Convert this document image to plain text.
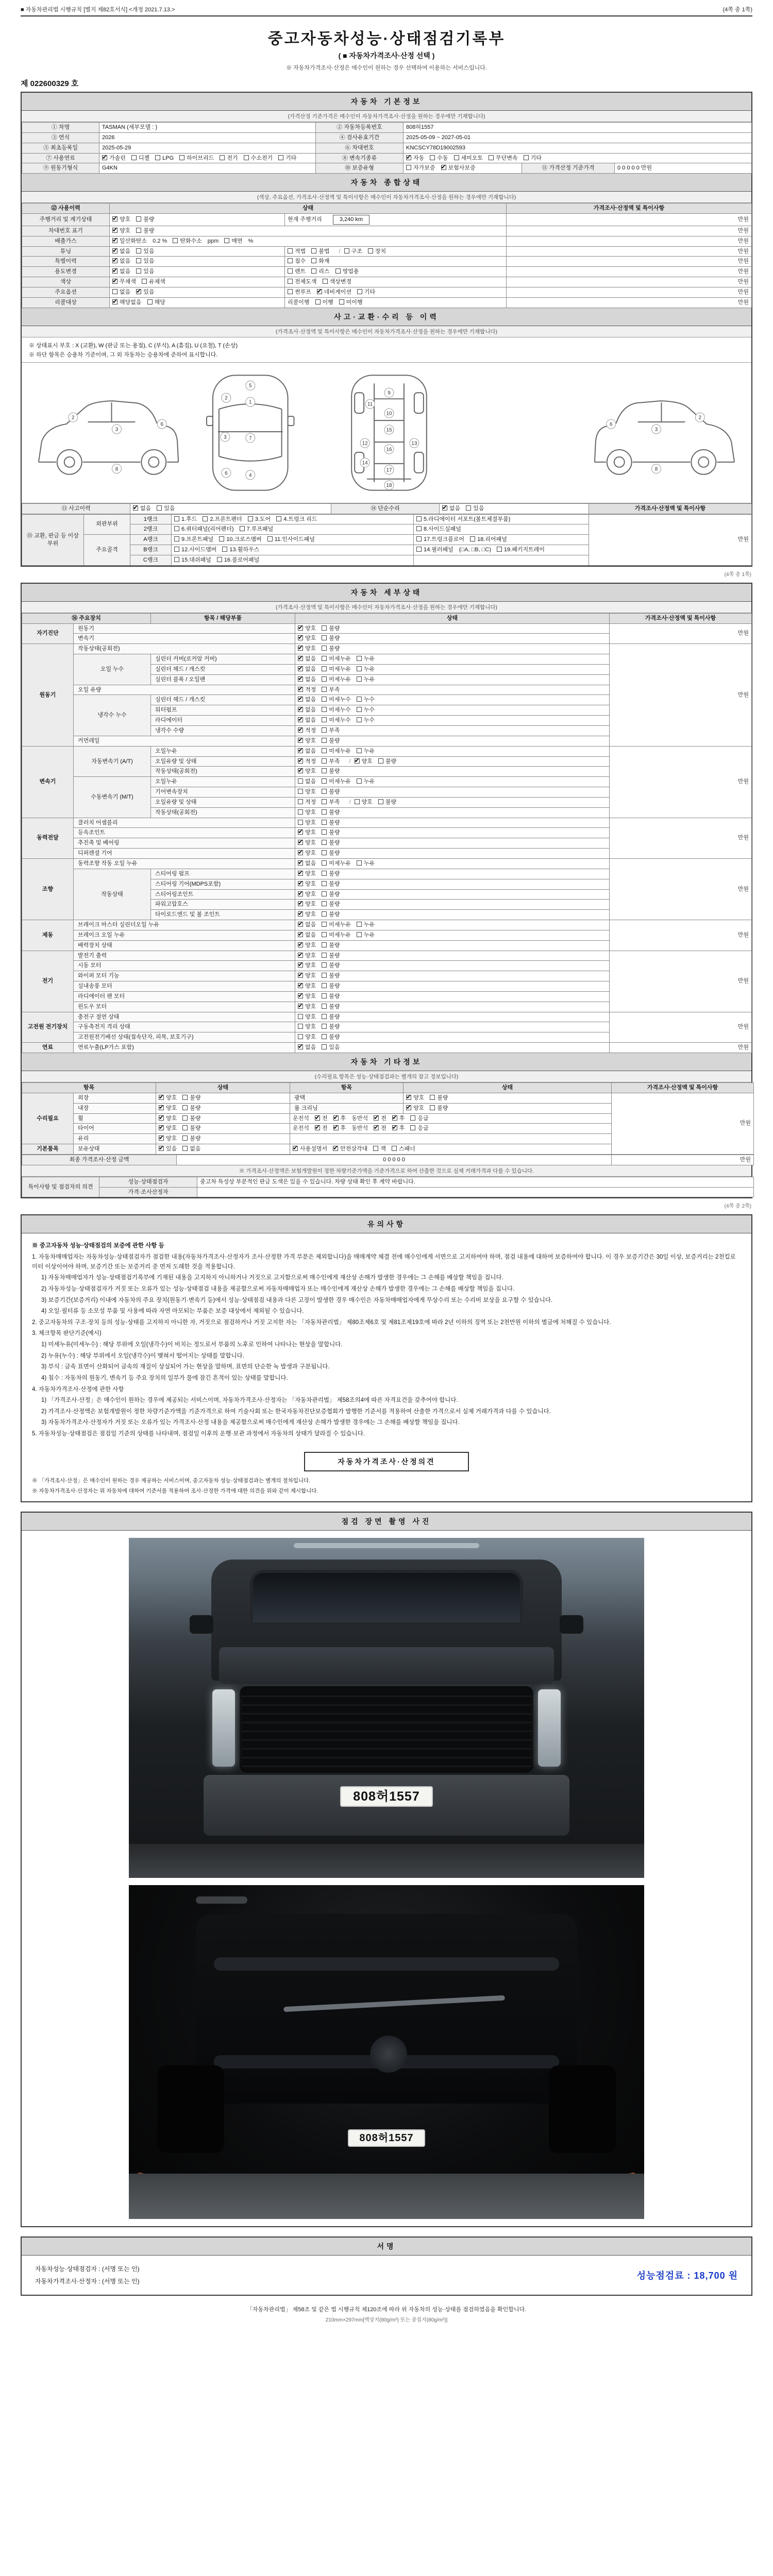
■ 자동차관리법 시행규칙 [별지 제82호서식] <개정 2021.7.13.>	(4쪽 중 1쪽)
중고자동차성능·상태점검기록부
( ■ 자동차가격조사·산정 선택 )
※ 자동차가격조사·산정은 매수인이 원하는 경우 선택하여 이용하는 서비스입니다.
제 022600329 호
자동차 기본정보
(가격산정 기준가격은 매수인이 자동차가격조사·산정을 원하는 경우에만 기재합니다)
① 차명	TASMAN (세부모델 : )	② 자동차등록번호	808허1557		
③ 연식	2026	④ 검사유효기간	2025-05-09 ~ 2027-05-01		
⑤ 최초등록일	2025-05-29	⑥ 차대번호	KNCSCY78D19002593		
⑦ 사용연료	✔가솔린 디젤 LPG 하이브리드 전기 수소전기 기타	⑧ 변속기종류	✔자동 수동 세미오토 무단변속 기타
⑨ 원동기형식	G4KN	⑩ 보증유형	자가보증 ✔ 보험사보증	⑪ 가격산정 기준가격	0 0 0 0 0 만원
자동차 종합상태
(색상, 주요옵션, 가격조사·산정액 및 특이사항은 매수인이 자동차가격조사·산정을 원하는 경우에만 기재합니다)
⑫ 사용이력	상태		가격조사·산정액 및 특이사항
주행거리 및 계기상태	✔양호 불량	현재 주행거리 3,240 km	만원
차대번호 표기	✔양호 불량		만원
배출가스	✔일산화탄소 0.2 % 탄화수소 ppm 매연 %		만원
튜닝	✔없음 있음	적법 불법 / 구조 장치	만원
특별이력	✔없음 있음	침수 화재	만원
용도변경	✔없음 있음	렌트 리스 영업용	만원
색상	✔무채색 유채색	전체도색 색상변경	만원
주요옵션	없음 ✔ 있음	썬루프 ✔ 네비게이션 기타	만원
리콜대상	✔해당없음 해당	리콜이행 이행 미이행	만원
사고·교환·수리 등 이력
(가격조사·산정액 및 특이사항은 매수인이 자동차가격조사·산정을 원하는 경우에만 기재합니다)
※ 상태표시 부호 : X (교환), W (판금 또는 용접), C (부식), A (흠집), U (요철), T (손상)
※ 하단 항목은 승용차 기준이며, 그 외 자동차는 승용차에 준하여 표시합니다.
2
3
6
8
5
1
7
4
2
3
6
9
11
10
15
12	13
16
14
17
18
2
3
6
8
⑬ 사고이력	✔없음 있음	⑭ 단순수리	✔없음 있음	가격조사·산정액 및 특이사항
⑮ 교환, 판금 등 이상 부위	외판부위	1랭크	1.후드 2.프론트펜더 3.도어 4.트렁크 리드	5.라디에이터 서포트(볼트체결부품)	만원
		2랭크	6.쿼터패널(리어펜더) 7.루프패널	8.사이드실패널	
	주요골격	A랭크	9.프론트패널 10.크로스멤버 11.인사이드패널	17.트렁크플로어 18.리어패널	
		B랭크	12.사이드멤버 13.휠하우스	14.필러패널 (□A, □B, □C) 19.패키지트레이	
		C랭크	15.대쉬패널 16.플로어패널		
(4쪽 중 1쪽)
자동차 세부상태
(가격조사·산정액 및 특이사항은 매수인이 자동차가격조사·산정을 원하는 경우에만 기재합니다)
⑯ 주요장치		항목 / 해당부품	상태	가격조사·산정액 및 특이사항
자기진단	원동기	✔양호 불량	만원
	변속기	✔양호 불량
원동기	작동상태(공회전)	✔양호 불량	만원
	오일 누수	실린더 커버(로커암 커버)	✔없음 미세누유 누유
		실린더 헤드 / 개스킷	✔없음 미세누유 누유
		실린더 블록 / 오일팬	✔없음 미세누유 누유
	오일 유량	✔적정 부족
	냉각수 누수	실린더 헤드 / 개스킷	✔없음 미세누수 누수
		워터펌프	✔없음 미세누수 누수
		라디에이터	✔없음 미세누수 누수
		냉각수 수량	✔적정 부족
	커먼레일	✔양호 불량
변속기	자동변속기 (A/T)	오일누유	✔없음 미세누유 누유	만원
		오일유량 및 상태	✔적정 부족 / ✔ 양호 불량
		작동상태(공회전)	✔양호 불량
	수동변속기 (M/T)	오일누유	없음 미세누유 누유	
		기어변속장치	양호 불량	
		오일유량 및 상태	적정 부족 / 양호 불량	
		작동상태(공회전)	양호 불량	
동력전달	클러치 어셈블리		양호 불량	만원
	등속조인트	✔양호 불량
	추진축 및 베어링	✔양호 불량
	디퍼렌셜 기어	✔양호 불량
조향	동력조향 작동 오일 누유	✔없음 미세누유 누유	만원
	작동상태	스티어링 펌프	✔양호 불량
		스티어링 기어(MDPS포함)	✔양호 불량
		스티어링조인트	✔양호 불량
		파워고압호스	✔양호 불량
		타이로드엔드 및 볼 조인트	✔양호 불량
제동	브레이크 마스터 실린더오일 누유	✔없음 미세누유 누유	만원
	브레이크 오일 누유	✔없음 미세누유 누유
	배력장치 상태	✔양호 불량
전기	발전기 출력	✔양호 불량	만원
	시동 모터	✔양호 불량
	와이퍼 모터 기능	✔양호 불량
	실내송풍 모터	✔양호 불량
	라디에이터 팬 모터	✔양호 불량
	윈도우 모터	✔양호 불량
고전원 전기장치	충전구 절연 상태		양호 불량	만원
	구동축전지 격리 상태		양호 불량	
	고전원전기배선 상태(접속단자, 피복, 보호기구)		양호 불량	
연료	연료누출(LP가스 포함)	✔없음 있음	만원
자동차 기타정보
(수리필요 항목은 성능·상태점검과는 별개의 참고 정보입니다)
항목		상태	항목	상태	가격조사·산정액 및 특이사항
수리필요	외장	✔양호 불량	광택	✔양호 불량	만원
	내장	✔양호 불량	룸 크리닝	✔양호 불량
	휠	✔양호 불량	운전석 ✔ 전 ✔ 후 동반석 ✔ 전 ✔ 후 응급
	타이어	✔양호 불량	운전석 ✔ 전 ✔ 후 동반석 ✔ 전 ✔ 후 응급
	유리	✔양호 불량	
기본품목	보유상태	✔있음 없음	✔사용설명서 ✔ 안전삼각대 잭 스패너
최종 가격조사·산정 금액	0 0 0 0 0	만원
※ 가격조사·산정액은 보험개발원이 정한 차량기준가액을 기준가격으로 하여 산출한 것으로 실제 거래가격과 다를 수 있습니다.
특이사항 및 점검자의 의견	성능·상태점검자	중고차 특성상 부분적인 판금 도색은 있을 수 있습니다. 차량 상태 확인 후 계약 바랍니다.
	가격·조사산정자	
(4쪽 중 2쪽)
유의사항
※ 중고자동차 성능·상태점검의 보증에 관한 사항 등
1. 자동차매매업자는 자동차성능·상태점검자가 점검한 내용(자동차가격조사·산정자가 조사·산정한 가격 부분은 제외합니다)을 매매계약 체결 전에 매수인에게 서면으로 고지하여야 하며, 점검 내용에 대하여 보증하여야 합니다. 이 경우 보증기간은 30일 이상, 보증거리는 2천킬로미터 이상이어야 하며, 보증기간 또는 보증거리 중 먼저 도래한 것을 적용합니다.
1) 자동차매매업자가 성능·상태점검기록부에 기재된 내용을 고지하지 아니하거나 거짓으로 고지함으로써 매수인에게 재산상 손해가 발생한 경우에는 그 손해를 배상할 책임을 집니다.
2) 자동차성능·상태점검자가 거짓 또는 오류가 있는 성능·상태점검 내용을 제공함으로써 자동차매매업자 또는 매수인에게 재산상 손해가 발생한 경우에는 그 손해를 배상할 책임을 집니다.
3) 보증기간(보증거리) 이내에 자동차의 주요 장치(원동기·변속기 등)에서 성능·상태점검 내용과 다른 고장이 발생한 경우 매수인은 자동차매매업자에게 무상수리 또는 수리비 보상을 요구할 수 있습니다.
4) 오일·필터류 등 소모성 부품 및 사용에 따라 자연 마모되는 부품은 보증 대상에서 제외될 수 있습니다.
2. 중고자동차의 구조·장치 등의 성능·상태를 고지하지 아니한 자, 거짓으로 점검하거나 거짓 고지한 자는 「자동차관리법」 제80조제6호 및 제81조제19호에 따라 2년 이하의 징역 또는 2천만원 이하의 벌금에 처해질 수 있습니다.
3. 체크항목 판단기준(예시)
1) 미세누유(미세누수) : 해당 부위에 오일(냉각수)이 비치는 정도로서 부품의 노후로 인하여 나타나는 현상을 말합니다.
2) 누유(누수) : 해당 부위에서 오일(냉각수)이 맺혀서 떨어지는 상태를 말합니다.
3) 부식 : 금속 표면이 산화되어 금속의 재질이 상실되어 가는 현상을 말하며, 표면의 단순한 녹 발생과 구분됩니다.
4) 침수 : 자동차의 원동기, 변속기 등 주요 장치의 일부가 물에 잠긴 흔적이 있는 상태를 말합니다.
4. 자동차가격조사·산정에 관한 사항
1) 「가격조사·산정」은 매수인이 원하는 경우에 제공되는 서비스이며, 자동차가격조사·산정자는 「자동차관리법」 제58조의4에 따른 자격요건을 갖추어야 합니다.
2) 가격조사·산정액은 보험개발원이 정한 차량기준가액을 기준가격으로 하여 기술사회 또는 한국자동차진단보증협회가 발행한 기준서를 적용하여 산출한 가격으로서 실제 거래가격과 다를 수 있습니다.
3) 자동차가격조사·산정자가 거짓 또는 오류가 있는 가격조사·산정 내용을 제공함으로써 매수인에게 재산상 손해가 발생한 경우에는 그 손해를 배상할 책임을 집니다.
5. 자동차성능·상태점검은 점검일 기준의 상태를 나타내며, 점검일 이후의 운행·보관 과정에서 자동차의 상태가 달라질 수 있습니다.
자동차가격조사·산정의견
※ 「가격조사·산정」은 매수인이 원하는 경우 제공하는 서비스이며, 중고자동차 성능·상태점검과는 별개의 절차입니다.
※ 자동차가격조사·산정자는 위 자동차에 대하여 기준서를 적용하여 조사·산정한 가격에 대한 의견을 위와 같이 제시합니다.
점검 장면 촬영 사진
808허1557
808허1557
서명
자동차성능·상태점검자 : (서명 또는 인)
자동차가격조사·산정자 : (서명 또는 인)
성능점검료 : 18,700 원
「자동차관리법」 제58조 및 같은 법 시행규칙 제120조에 따라 위 자동차의 성능·상태를 점검하였음을 확인합니다.
210mm×297mm[백상지(80g/m²) 또는 중질지(80g/m²)]
